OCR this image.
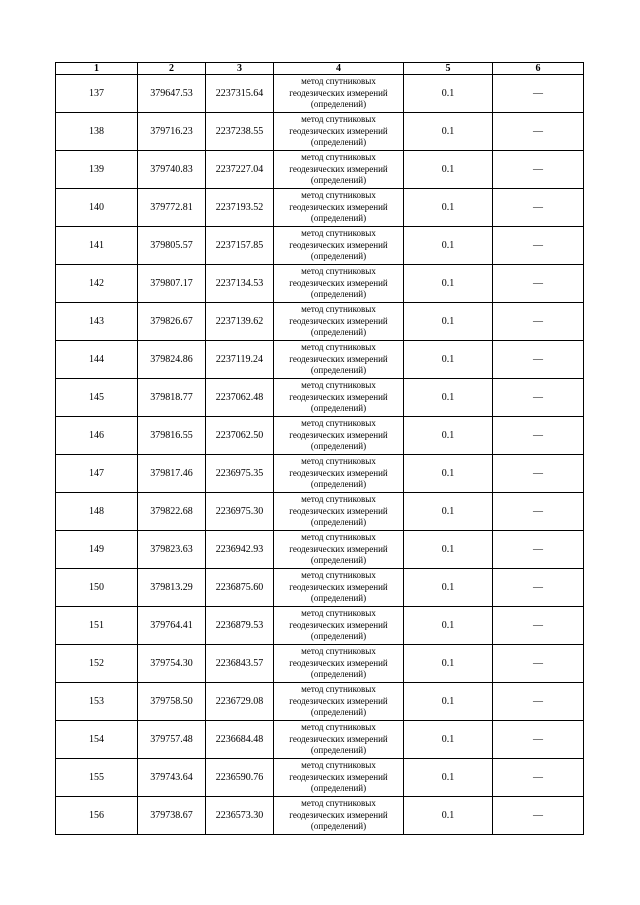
1	2	3	4	5	6
137	379647.53	2237315.64	метод спутниковых геодезических измерений (определений)	0.1	—
138	379716.23	2237238.55	метод спутниковых геодезических измерений (определений)	0.1	—
139	379740.83	2237227.04	метод спутниковых геодезических измерений (определений)	0.1	—
140	379772.81	2237193.52	метод спутниковых геодезических измерений (определений)	0.1	—
141	379805.57	2237157.85	метод спутниковых геодезических измерений (определений)	0.1	—
142	379807.17	2237134.53	метод спутниковых геодезических измерений (определений)	0.1	—
143	379826.67	2237139.62	метод спутниковых геодезических измерений (определений)	0.1	—
144	379824.86	2237119.24	метод спутниковых геодезических измерений (определений)	0.1	—
145	379818.77	2237062.48	метод спутниковых геодезических измерений (определений)	0.1	—
146	379816.55	2237062.50	метод спутниковых геодезических измерений (определений)	0.1	—
147	379817.46	2236975.35	метод спутниковых геодезических измерений (определений)	0.1	—
148	379822.68	2236975.30	метод спутниковых геодезических измерений (определений)	0.1	—
149	379823.63	2236942.93	метод спутниковых геодезических измерений (определений)	0.1	—
150	379813.29	2236875.60	метод спутниковых геодезических измерений (определений)	0.1	—
151	379764.41	2236879.53	метод спутниковых геодезических измерений (определений)	0.1	—
152	379754.30	2236843.57	метод спутниковых геодезических измерений (определений)	0.1	—
153	379758.50	2236729.08	метод спутниковых геодезических измерений (определений)	0.1	—
154	379757.48	2236684.48	метод спутниковых геодезических измерений (определений)	0.1	—
155	379743.64	2236590.76	метод спутниковых геодезических измерений (определений)	0.1	—
156	379738.67	2236573.30	метод спутниковых геодезических измерений (определений)	0.1	—
